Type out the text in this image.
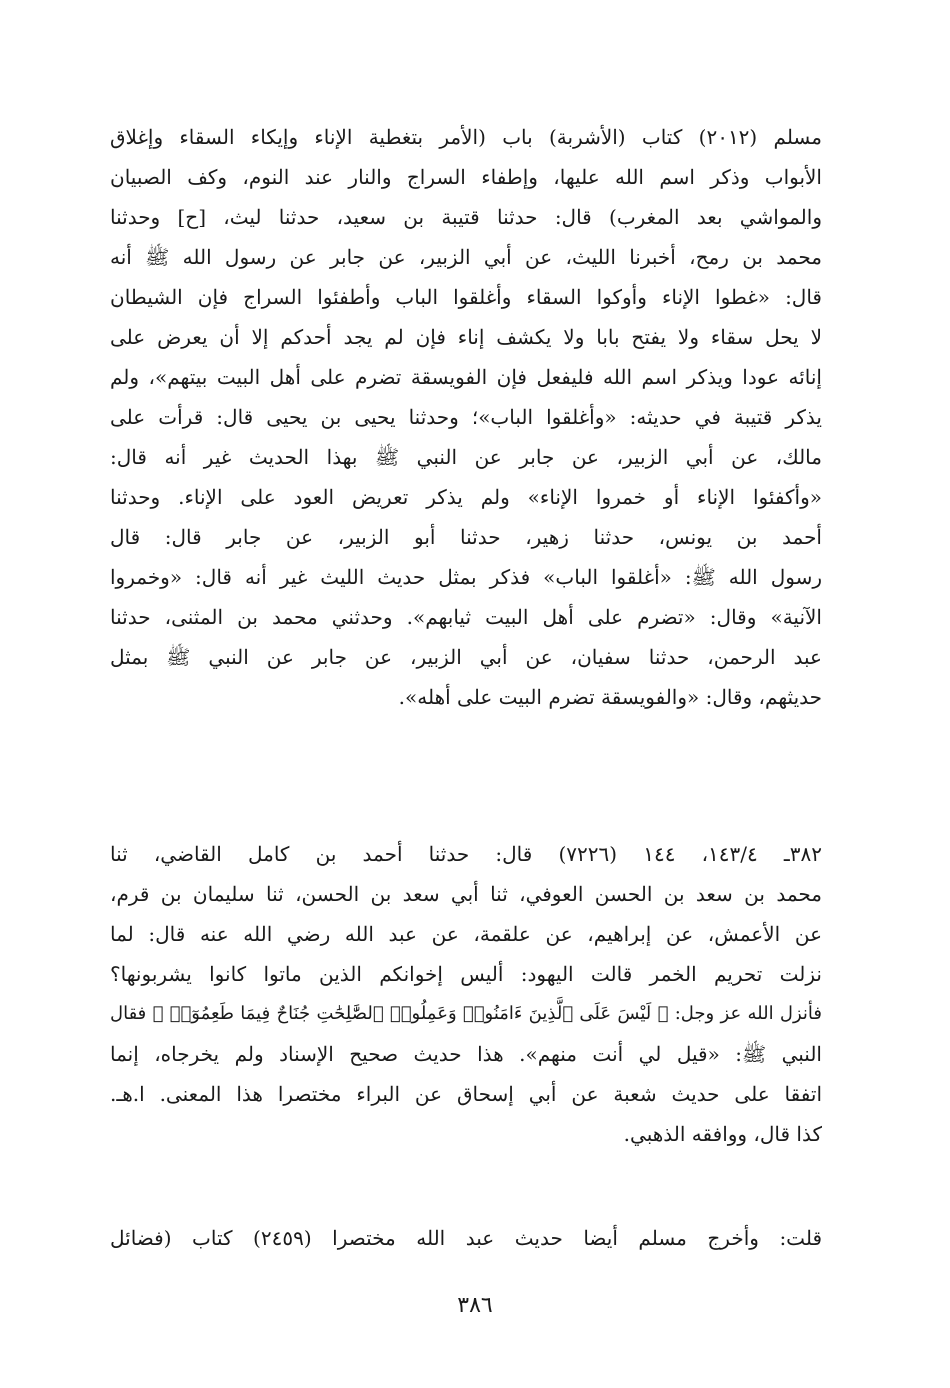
مسلم (٢٠١٢) كتاب (الأشربة) باب (الأمر بتغطية الإناء وإيكاء السقاء وإغلاق
الأبواب وذكر اسم الله عليها، وإطفاء السراج والنار عند النوم، وكف الصبيان
والمواشي بعد المغرب) قال: حدثنا قتيبة بن سعيد، حدثنا ليث، [ح] وحدثنا
محمد بن رمح، أخبرنا الليث، عن أبي الزبير، عن جابر عن رسول الله ﷺ أنه
قال: «غطوا الإناء وأوكوا السقاء وأغلقوا الباب وأطفئوا السراج فإن الشيطان
لا يحل سقاء ولا يفتح بابا ولا يكشف إناء فإن لم يجد أحدكم إلا أن يعرض على
إنائه عودا ويذكر اسم الله فليفعل فإن الفويسقة تضرم على أهل البيت بيتهم»، ولم
يذكر قتيبة في حديثه: «وأغلقوا الباب»؛ وحدثنا يحيى بن يحيى قال: قرأت على
مالك، عن أبي الزبير، عن جابر عن النبي ﷺ بهذا الحديث غير أنه قال:
«وأكفئوا الإناء أو خمروا الإناء» ولم يذكر تعريض العود على الإناء. وحدثنا
أحمد بن يونس، حدثنا زهير، حدثنا أبو الزبير، عن جابر قال: قال
رسول الله ﷺ: «أغلقوا الباب» فذكر بمثل حديث الليث غير أنه قال: «وخمروا
الآنية» وقال: «تضرم على أهل البيت ثيابهم». وحدثني محمد بن المثنى، حدثنا
عبد الرحمن، حدثنا سفيان، عن أبي الزبير، عن جابر عن النبي ﷺ بمثل
حديثهم، وقال: «والفويسقة تضرم البيت على أهله».
٣٨٢ـ ١٤٣/٤، ١٤٤ (٧٢٢٦) قال: حدثنا أحمد بن كامل القاضي، ثنا
محمد بن سعد بن الحسن العوفي، ثنا أبي سعد بن الحسن، ثنا سليمان بن قرم،
عن الأعمش، عن إبراهيم، عن علقمة، عن عبد الله رضي الله عنه قال: لما
نزلت تحريم الخمر قالت اليهود: أليس إخوانكم الذين ماتوا كانوا يشربونها؟
فأنزل الله عز وجل: ﴿ لَيْسَ عَلَى ٱلَّذِينَ ءَامَنُوا۟ وَعَمِلُوا۟ ٱلصَّٰلِحَٰتِ جُنَاحٌ فِيمَا طَعِمُوٓا۟ ﴾ فقال
النبي ﷺ: «قيل لي أنت منهم». هذا حديث صحيح الإسناد ولم يخرجاه، إنما
اتفقا على حديث شعبة عن أبي إسحاق عن البراء مختصرا هذا المعنى. ا.هـ.
كذا قال، ووافقه الذهبي.
قلت: وأخرج مسلم أيضا حديث عبد الله مختصرا (٢٤٥٩) كتاب (فضائل
٣٨٦
